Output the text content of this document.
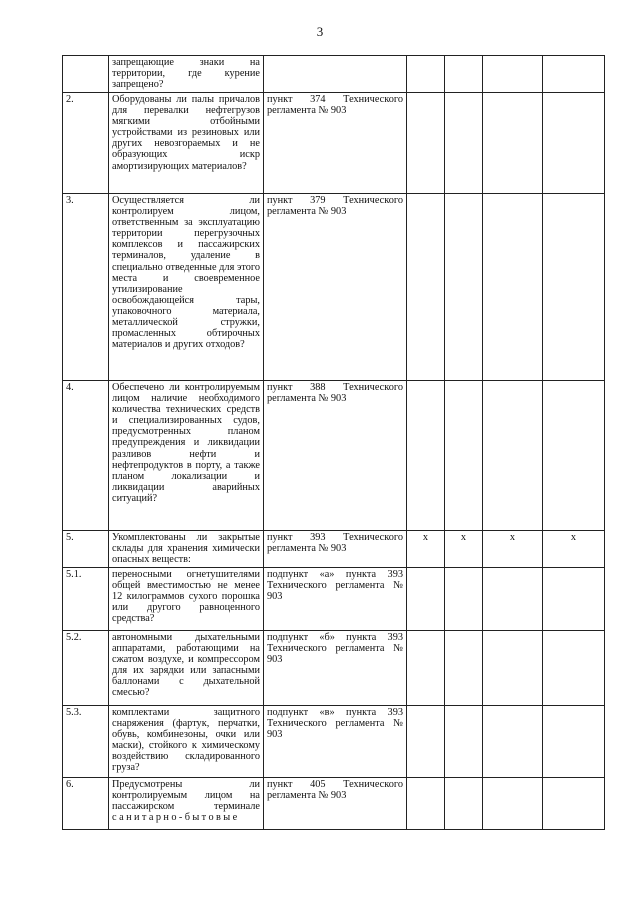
3
	запрещающие знаки на территории, где курение запрещено?					
2.	Оборудованы ли палы причалов для перевалки нефтегрузов мягкими отбойными устройствами из резиновых или других невозгораемых и не образующих искр амортизирующих материалов?	пункт 374 Технического регламента № 903				
3.	Осуществляется ли контролируем лицом, ответственным за эксплуатацию территории перегрузочных комплексов и пассажирских терминалов, удаление в специально отведенные для этого места и своевременное утилизирование освобождающейся тары, упаковочного материала, металлической стружки, промасленных обтирочных материалов и других отходов?	пункт 379 Технического регламента № 903				
4.	Обеспечено ли контролируемым лицом наличие необходимого количества технических средств и специализированных судов, предусмотренных планом предупреждения и ликвидации разливов нефти и нефтепродуктов в порту, а также планом локализации и ликвидации аварийных ситуаций?	пункт 388 Технического регламента № 903				
5.	Укомплектованы ли закрытые склады для хранения химически опасных веществ:	пункт 393 Технического регламента № 903	x	x	x	x
5.1.	переносными огнетушителями общей вместимостью не менее 12 килограммов сухого порошка или другого равноценного средства?	подпункт «а» пункта 393 Технического регламента № 903				
5.2.	автономными дыхательными аппаратами, работающими на сжатом воздухе, и компрессором для их зарядки или запасными баллонами с дыхательной смесью?	подпункт «б» пункта 393 Технического регламента № 903				
5.3.	комплектами защитного снаряжения (фартук, перчатки, обувь, комбинезоны, очки или маски), стойкого к химическому воздействию складированного груза?	подпункт «в» пункта 393 Технического регламента № 903				
6.	Предусмотрены ли контролируемым лицом на пассажирском терминале санитарно-бытовые	пункт 405 Технического регламента № 903				
